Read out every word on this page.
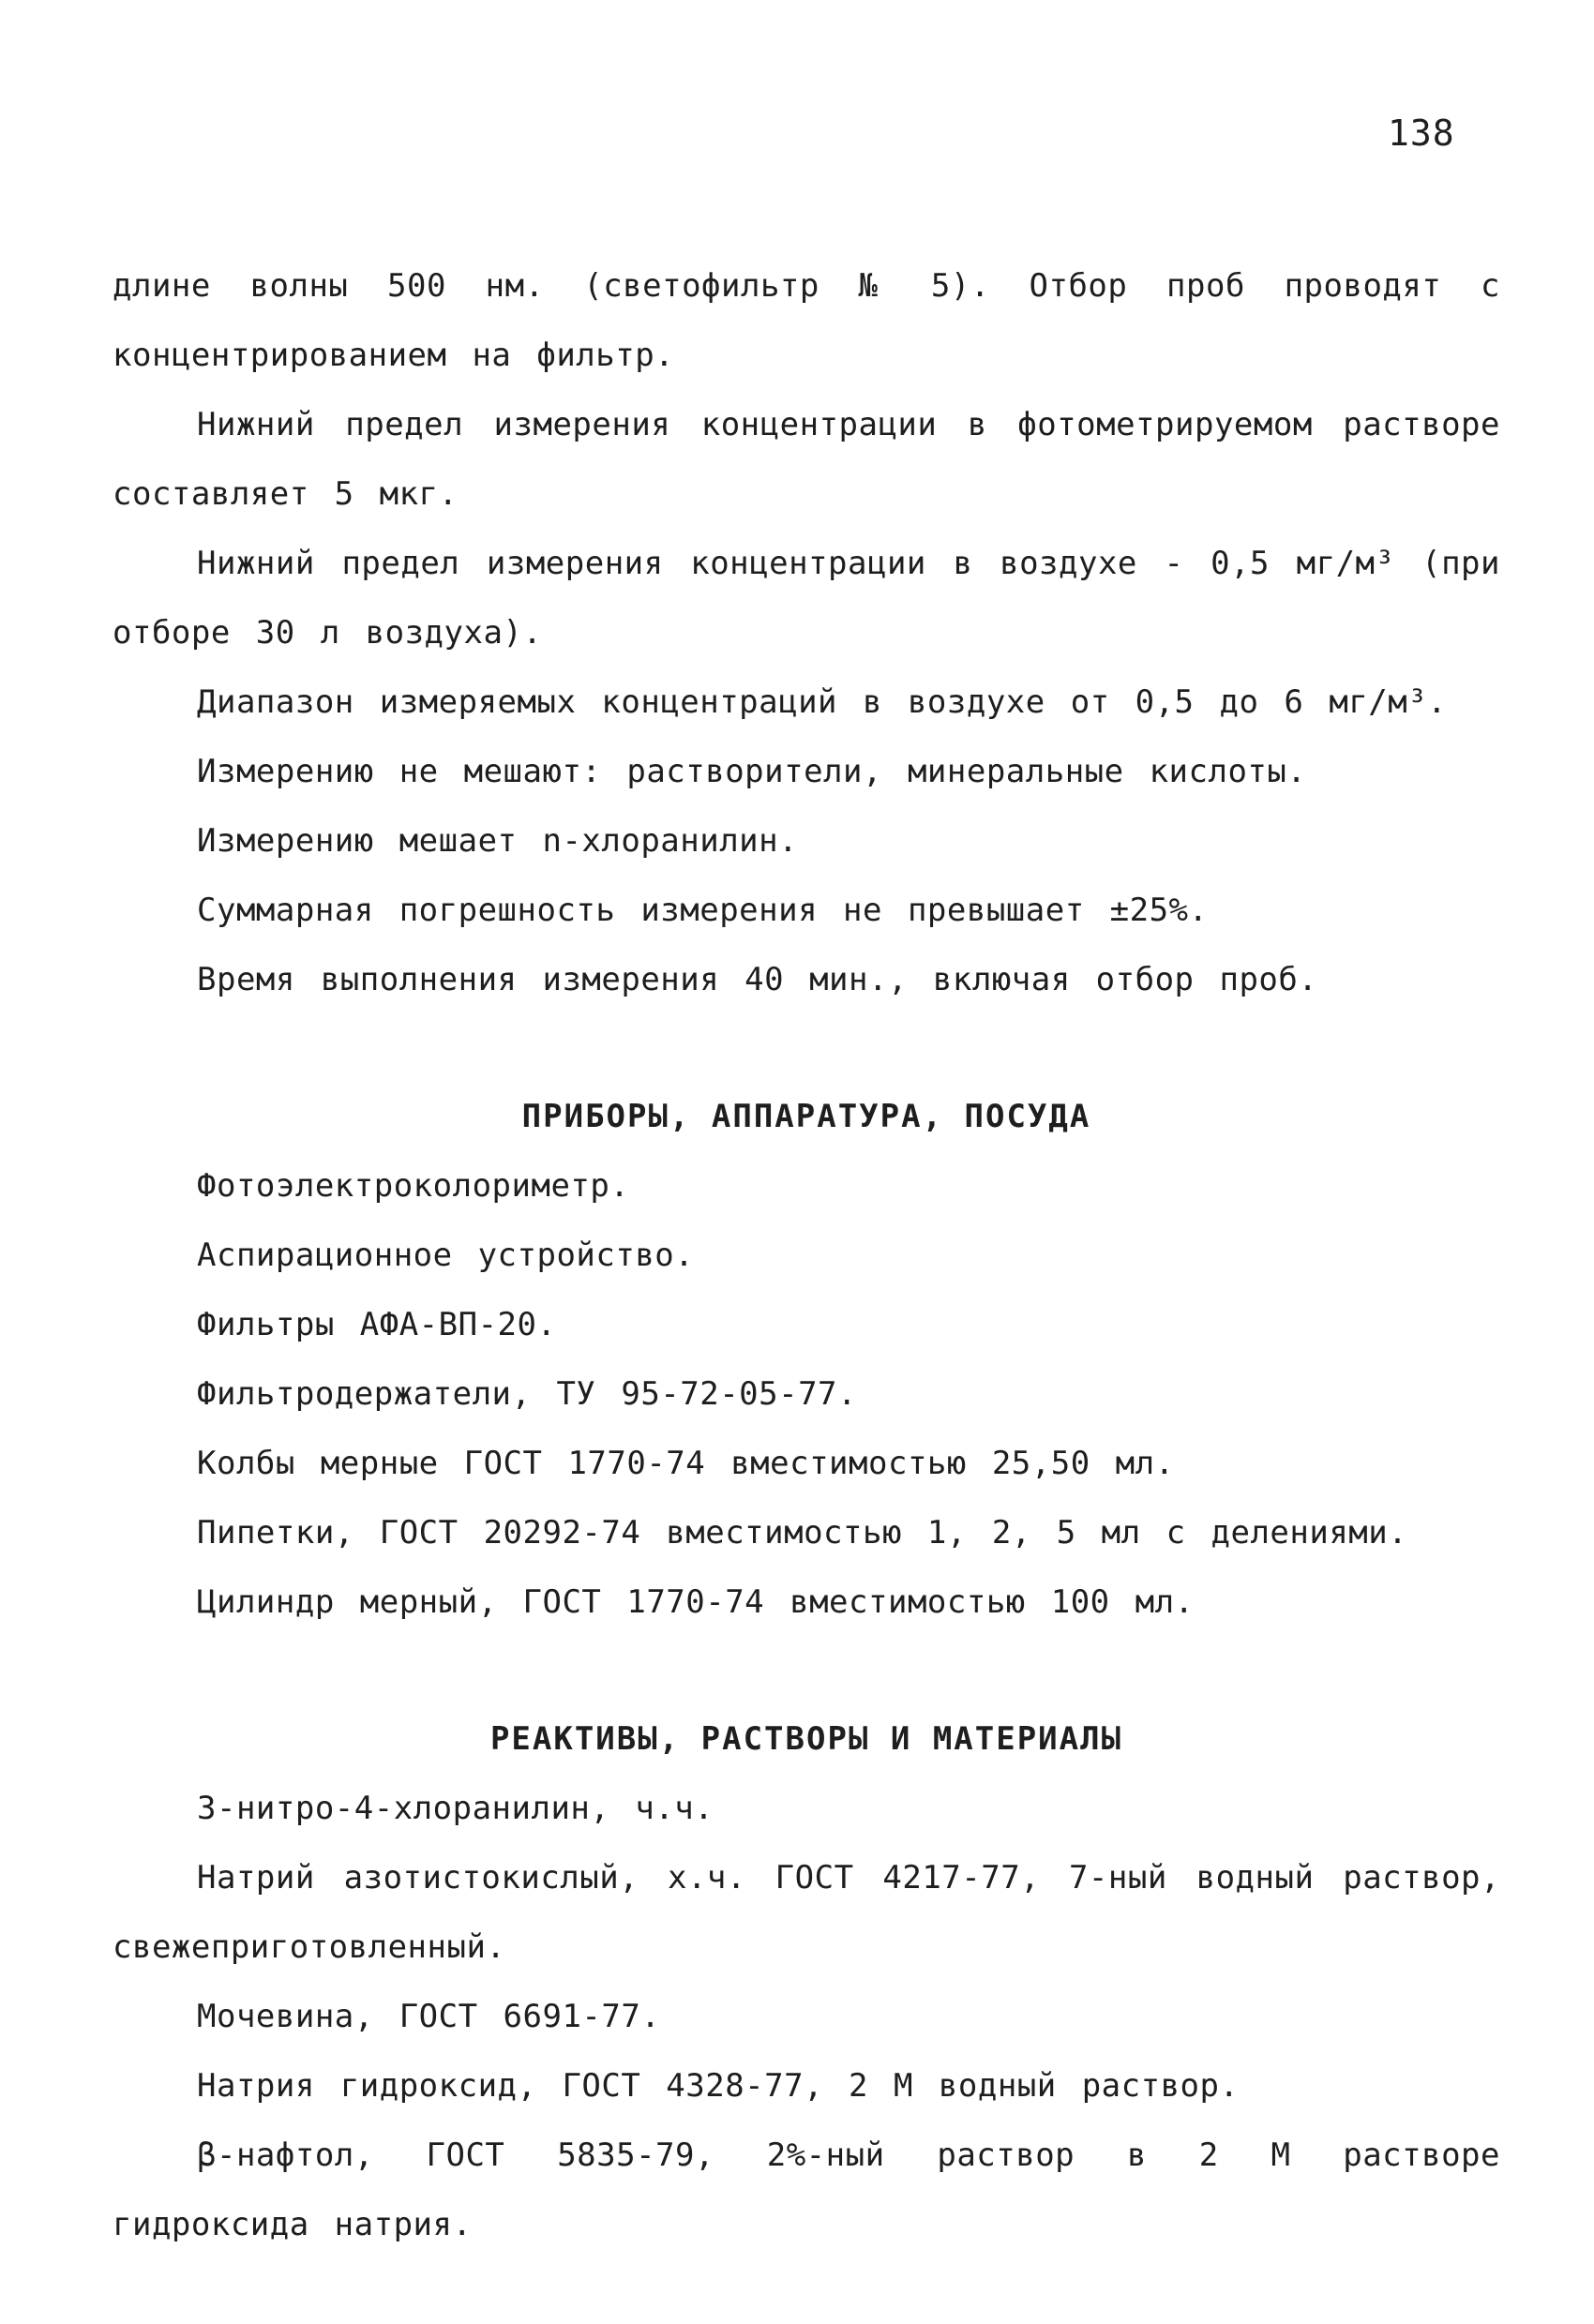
138

длине волны 500 нм. (светофильтр № 5). Отбор проб проводят с концентрированием на фильтр.

Нижний предел измерения концентрации в фотометрируемом растворе составляет 5 мкг.

Нижний предел измерения концентрации в воздухе - 0,5 мг/м³ (при отборе 30 л воздуха).

Диапазон измеряемых концентраций в воздухе от 0,5 до 6 мг/м³.

Измерению не мешают: растворители, минеральные кислоты.

Измерению мешает n-хлоранилин.

Суммарная погрешность измерения не превышает ±25%.

Время выполнения измерения 40 мин., включая отбор проб.

ПРИБОРЫ, АППАРАТУРА, ПОСУДА

Фотоэлектроколориметр.

Аспирационное устройство.

Фильтры АФА-ВП-20.

Фильтродержатели, ТУ 95-72-05-77.

Колбы мерные ГОСТ 1770-74 вместимостью 25,50 мл.

Пипетки, ГОСТ 20292-74 вместимостью 1, 2, 5 мл с делениями.

Цилиндр мерный, ГОСТ 1770-74 вместимостью 100 мл.

РЕАКТИВЫ, РАСТВОРЫ И МАТЕРИАЛЫ

3-нитро-4-хлоранилин, ч.ч.

Натрий азотистокислый, х.ч. ГОСТ 4217-77, 7-ный водный раствор, свежеприготовленный.

Мочевина, ГОСТ 6691-77.

Натрия гидроксид, ГОСТ 4328-77, 2 М водный раствор.

β-нафтол, ГОСТ 5835-79, 2%-ный раствор в 2 М растворе гидроксида натрия.
